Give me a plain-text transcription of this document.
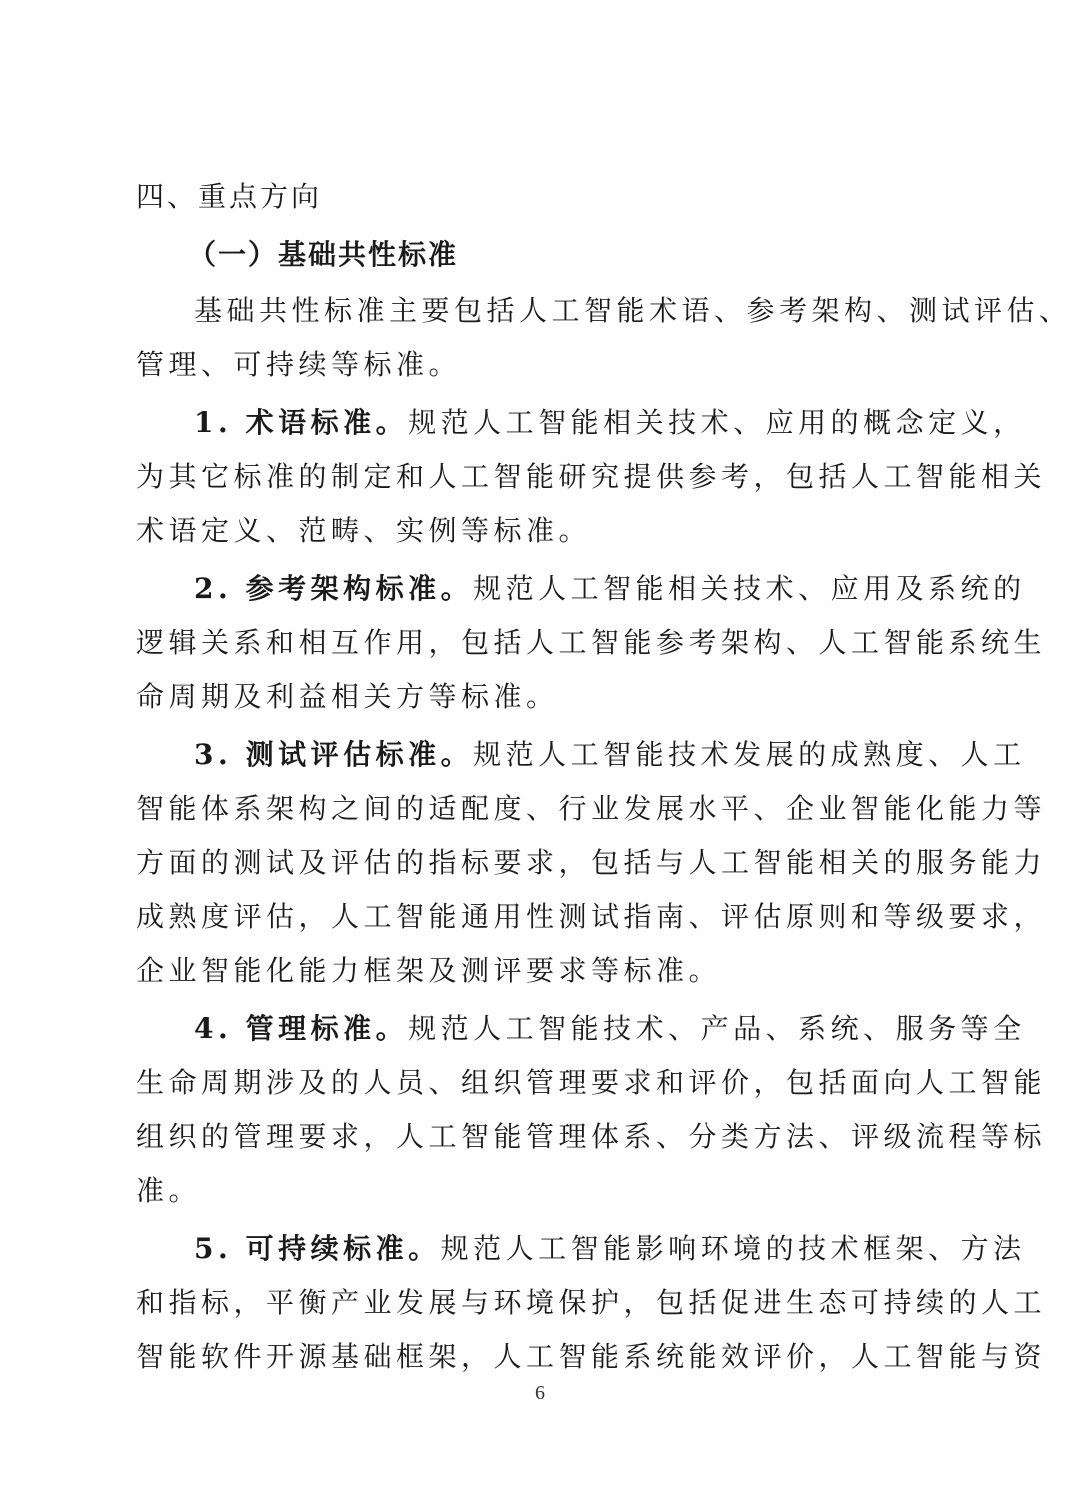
四、重点方向
（一）基础共性标准
基础共性标准主要包括人工智能术语、参考架构、测试评估、
管理、可持续等标准。
1. 术语标准。规范人工智能相关技术、应用的概念定义，
为其它标准的制定和人工智能研究提供参考，包括人工智能相关
术语定义、范畴、实例等标准。
2. 参考架构标准。规范人工智能相关技术、应用及系统的
逻辑关系和相互作用，包括人工智能参考架构、人工智能系统生
命周期及利益相关方等标准。
3. 测试评估标准。规范人工智能技术发展的成熟度、人工
智能体系架构之间的适配度、行业发展水平、企业智能化能力等
方面的测试及评估的指标要求，包括与人工智能相关的服务能力
成熟度评估，人工智能通用性测试指南、评估原则和等级要求，
企业智能化能力框架及测评要求等标准。
4. 管理标准。规范人工智能技术、产品、系统、服务等全
生命周期涉及的人员、组织管理要求和评价，包括面向人工智能
组织的管理要求，人工智能管理体系、分类方法、评级流程等标
准。
5. 可持续标准。规范人工智能影响环境的技术框架、方法
和指标，平衡产业发展与环境保护，包括促进生态可持续的人工
智能软件开源基础框架，人工智能系统能效评价，人工智能与资
6
